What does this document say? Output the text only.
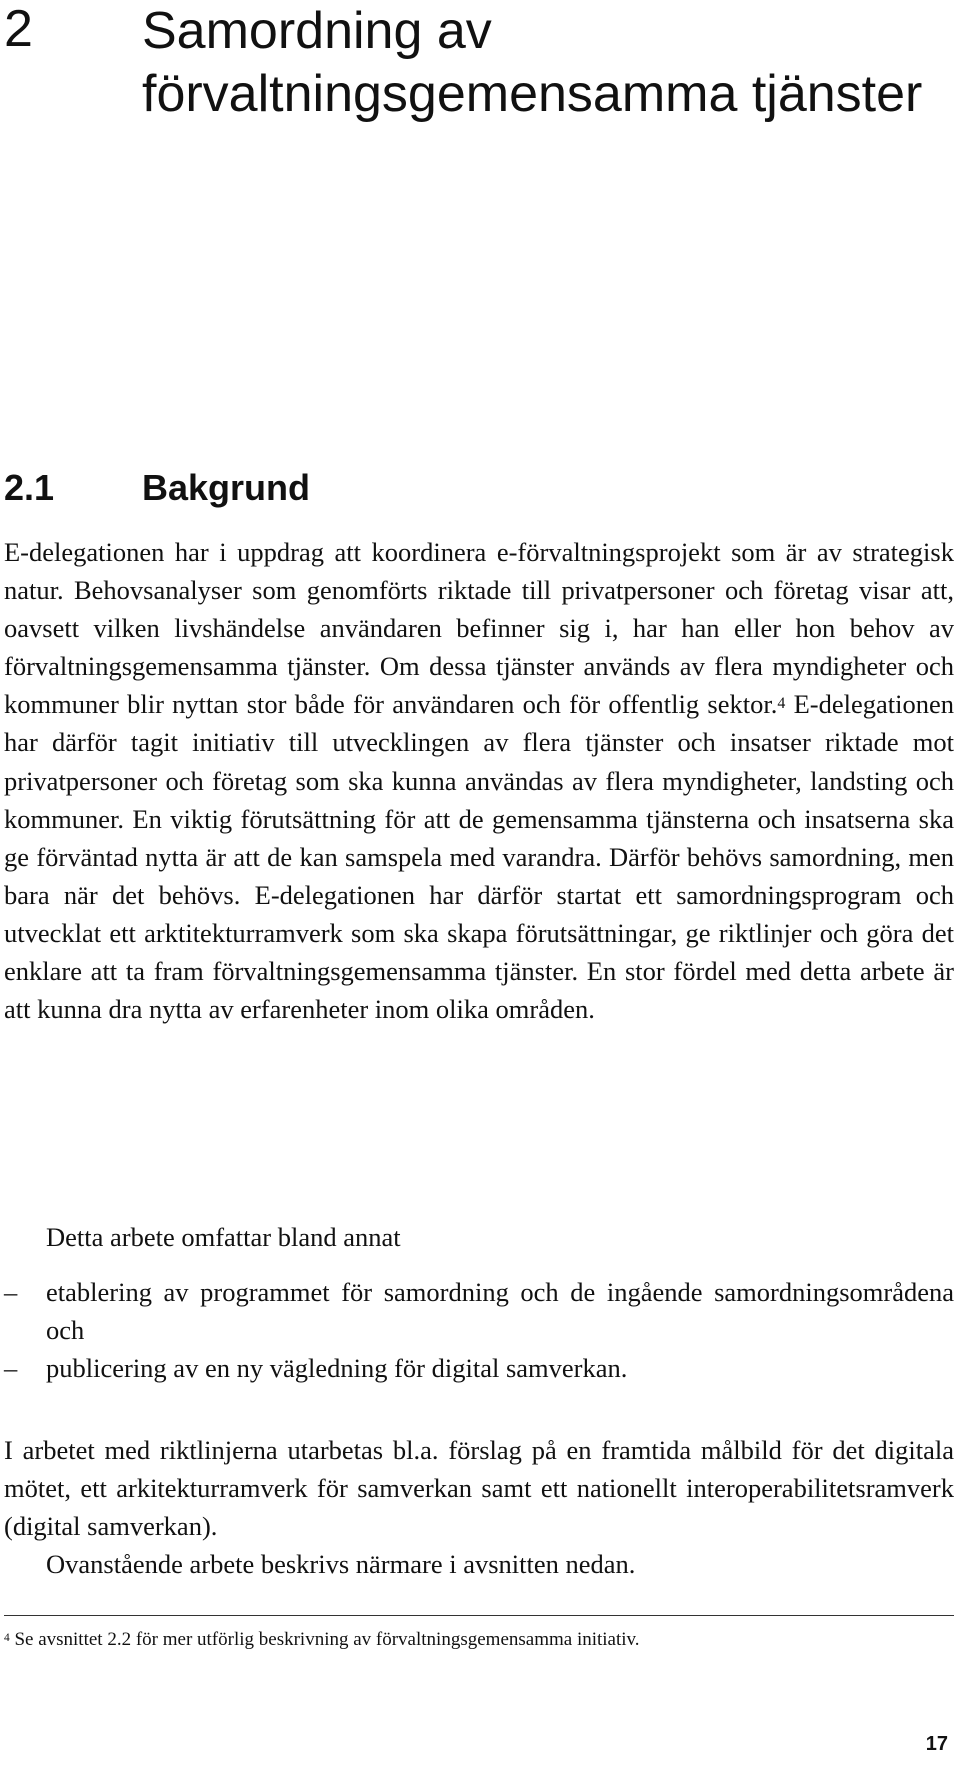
2 Samordning av förvaltningsgemensamma tjänster
2.1 Bakgrund

E-delegationen har i uppdrag att koordinera e-förvaltningsprojekt som är av strategisk natur. Behovsanalyser som genomförts riktade till privatpersoner och företag visar att, oavsett vilken livshändelse användaren befinner sig i, har han eller hon behov av förvaltningsgemensamma tjänster. Om dessa tjänster används av flera myndigheter och kommuner blir nyttan stor både för användaren och för offentlig sektor.$^4$ E-delegationen har därför tagit initiativ till utvecklingen av flera tjänster och insatser riktade mot privatpersoner och företag som ska kunna användas av flera myndigheter, landsting och kommuner. En viktig förutsättning för att de gemensamma tjänsterna och insatserna ska ge förväntad nytta är att de kan samspela med varandra. Därför behövs samordning, men bara när det behövs. E-delegationen har därför startat ett samordningsprogram och utvecklat ett arktitekturramverk som ska skapa förutsättningar, ge riktlinjer och göra det enklare att ta fram förvaltningsgemensamma tjänster. En stor fördel med detta arbete är att kunna dra nytta av erfarenheter inom olika områden.

Detta arbete omfattar bland annat

– etablering av programmet för samordning och de ingående samordningsområdena och
– publicering av en ny vägledning för digital samverkan.

I arbetet med riktlinjerna utarbetas bl.a. förslag på en framtida målbild för det digitala mötet, ett arkitekturramverk för samverkan samt ett nationellt interoperabilitetsramverk (digital samverkan).

Ovanstående arbete beskrivs närmare i avsnitten nedan.

$^4$ Se avsnittet 2.2 för mer utförlig beskrivning av förvaltningsgemensamma initiativ.
17
